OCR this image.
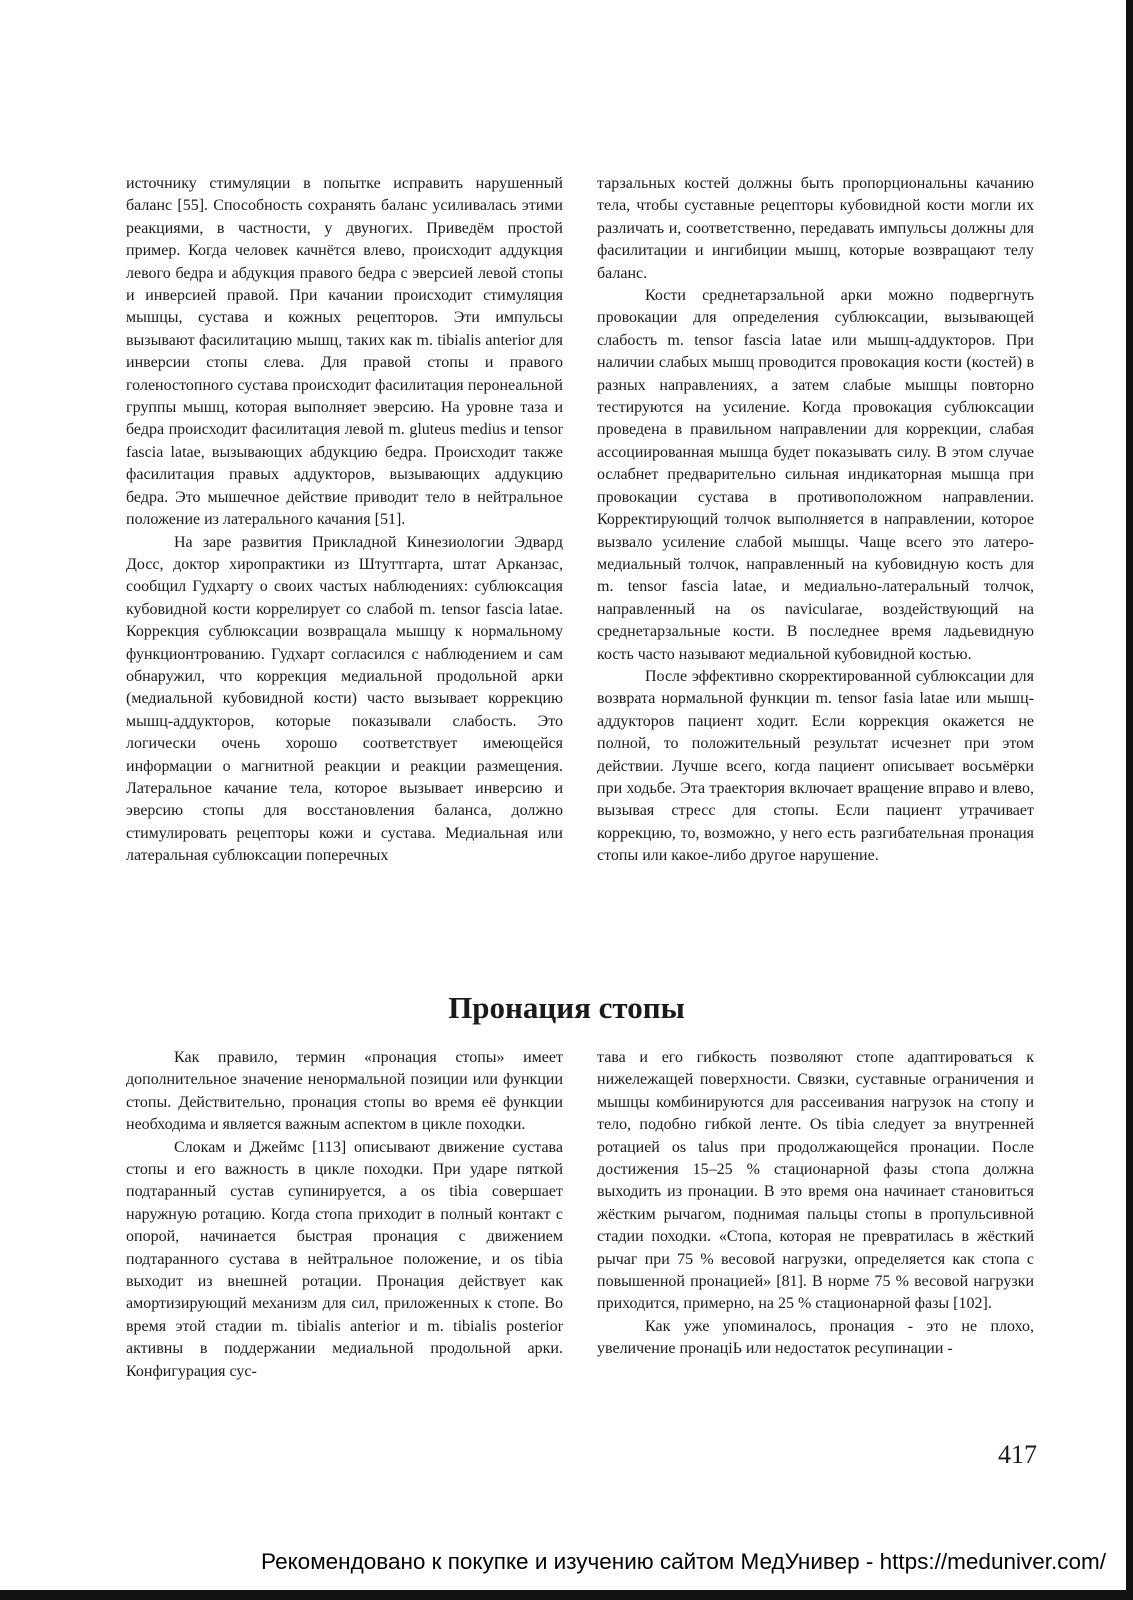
источнику стимуляции в попытке исправить нарушенный баланс [55]. Способность сохранять баланс усиливалась этими реакциями, в частности, у двуногих. Приведём простой пример. Когда человек качнётся влево, происходит аддукция левого бедра и абдукция правого бедра с эверсией левой стопы и инверсией правой. При качании происходит стимуляция мышцы, сустава и кожных рецепторов. Эти импульсы вызывают фасилитацию мышц, таких как m. tibialis anterior для инверсии стопы слева. Для правой стопы и правого голеностопного сустава происходит фасилитация перонеальной группы мышц, которая выполняет эверсию. На уровне таза и бедра происходит фасилитация левой m. gluteus medius и tensor fascia latae, вызывающих абдукцию бедра. Происходит также фасилитация правых аддукторов, вызывающих аддукцию бедра. Это мышечное действие приводит тело в нейтральное положение из латерального качания [51].

На заре развития Прикладной Кинезиологии Эдвард Досс, доктор хиропрактики из Штуттгарта, штат Арканзас, сообщил Гудхарту о своих частых наблюдениях: сублюксация кубовидной кости коррелирует со слабой m. tensor fascia latae. Коррекция сублюксации возвращала мышцу к нормальному функционтрованию. Гудхарт согласился с наблюдением и сам обнаружил, что коррекция медиальной продольной арки (медиальной кубовидной кости) часто вызывает коррекцию мышц-аддукторов, которые показывали слабость. Это логически очень хорошо соответствует имеющейся информации о магнитной реакции и реакции размещения. Латеральное качание тела, которое вызывает инверсию и эверсию стопы для восстановления баланса, должно стимулировать рецепторы кожи и сустава. Медиальная или латеральная сублюксации поперечных

тарзальных костей должны быть пропорциональны качанию тела, чтобы суставные рецепторы кубовидной кости могли их различать и, соответственно, передавать импульсы должны для фасилитации и ингибиции мышц, которые возвращают телу баланс.

Кости среднетарзальной арки можно подвергнуть провокации для определения сублюксации, вызывающей слабость m. tensor fascia latae или мышц-аддукторов. При наличии слабых мышц проводится провокация кости (костей) в разных направлениях, а затем слабые мышцы повторно тестируются на усиление. Когда провокация сублюксации проведена в правильном направлении для коррекции, слабая ассоциированная мышца будет показывать силу. В этом случае ослабнет предварительно сильная индикаторная мышца при провокации сустава в противоположном направлении. Корректирующий толчок выполняется в направлении, которое вызвало усиление слабой мышцы. Чаще всего это латеро-медиальный толчок, направленный на кубовидную кость для m. tensor fascia latae, и медиально-латеральный толчок, направленный на os navicularae, воздействующий на среднетарзальные кости. В последнее время ладьевидную кость часто называют медиальной кубовидной костью.

После эффективно скорректированной сублюксации для возврата нормальной функции m. tensor fasia latae или мышц-аддукторов пациент ходит. Если коррекция окажется не полной, то положительный результат исчезнет при этом действии. Лучше всего, когда пациент описывает восьмёрки при ходьбе. Эта траектория включает вращение вправо и влево, вызывая стресс для стопы. Если пациент утрачивает коррекцию, то, возможно, у него есть разгибательная пронация стопы или какое-либо другое нарушение.

Пронация стопы

Как правило, термин «пронация стопы» имеет дополнительное значение ненормальной позиции или функции стопы. Действительно, пронация стопы во время её функции необходима и является важным аспектом в цикле походки.

Слокам и Джеймс [113] описывают движение сустава стопы и его важность в цикле походки. При ударе пяткой подтаранный сустав супинируется, а os tibia совершает наружную ротацию. Когда стопа приходит в полный контакт с опорой, начинается быстрая пронация с движением подтаранного сустава в нейтральное положение, и os tibia выходит из внешней ротации. Пронация действует как амортизирующий механизм для сил, приложенных к стопе. Во время этой стадии m. tibialis anterior и m. tibialis posterior активны в поддержании медиальной продольной арки. Конфигурация сус-

тава и его гибкость позволяют стопе адаптироваться к нижележащей поверхности. Связки, суставные ограничения и мышцы комбинируются для рассеивания нагрузок на стопу и тело, подобно гибкой ленте. Os tibia следует за внутренней ротацией os talus при продолжающейся пронации. После достижения 15–25 % стационарной фазы стопа должна выходить из пронации. В это время она начинает становиться жёстким рычагом, поднимая пальцы стопы в пропульсивной стадии походки. «Стопа, которая не превратилась в жёсткий рычаг при 75 % весовой нагрузки, определяется как стопа с повышенной пронацией» [81]. В норме 75 % весовой нагрузки приходится, примерно, на 25 % стационарной фазы [102].

Как уже упоминалось, пронация - это не плохо, увеличение пронаціЬ или недостаток ресупинации -

417
Рекомендовано к покупке и изучению сайтом МедУнивер - https://meduniver.com/
